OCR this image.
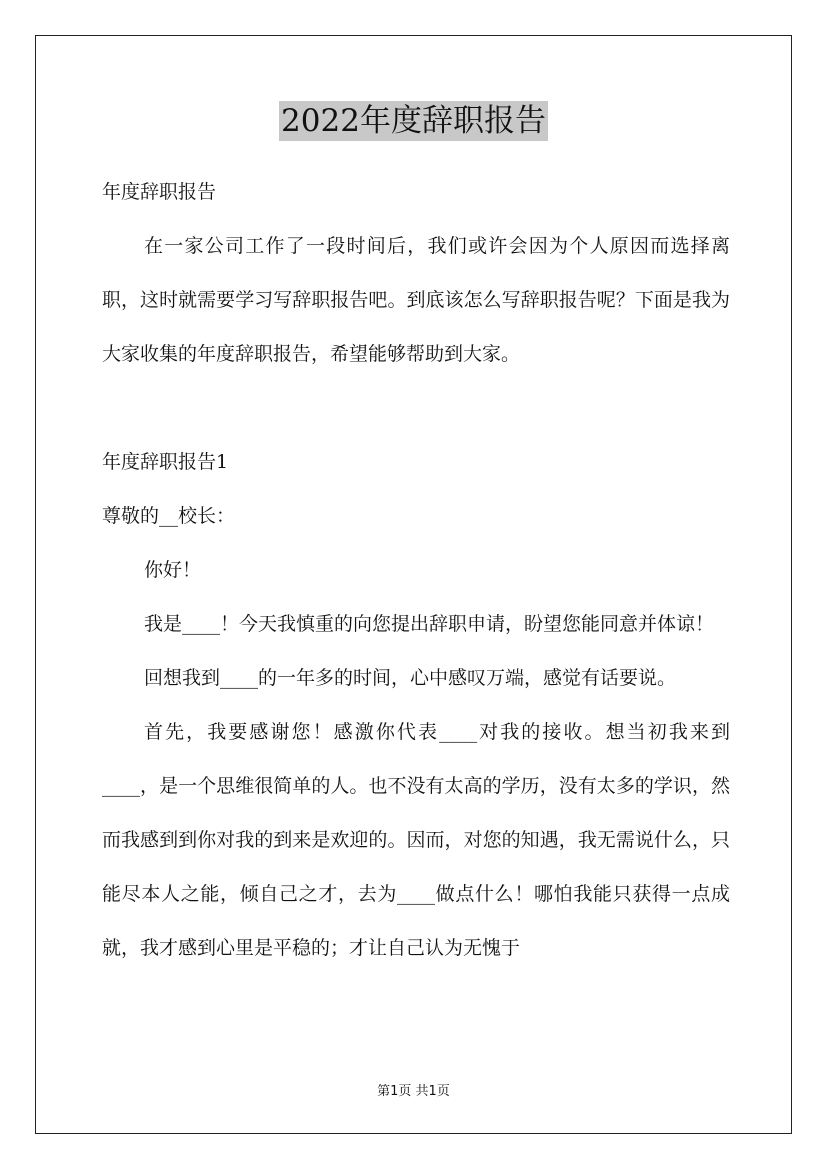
2022年度辞职报告

年度辞职报告

在一家公司工作了一段时间后，我们或许会因为个人原因而选择离职，这时就需要学习写辞职报告吧。到底该怎么写辞职报告呢？下面是我为大家收集的年度辞职报告，希望能够帮助到大家。

年度辞职报告1

尊敬的__校长：

你好！

我是____！今天我慎重的向您提出辞职申请，盼望您能同意并体谅！

回想我到____的一年多的时间，心中感叹万端，感觉有话要说。

首先，我要感谢您！感激你代表____对我的接收。想当初我来到____，是一个思维很简单的人。也不没有太高的学历，没有太多的学识，然而我感到到你对我的到来是欢迎的。因而，对您的知遇，我无需说什么，只能尽本人之能，倾自己之才，去为____做点什么！哪怕我能只获得一点成就，我才感到心里是平稳的；才让自己认为无愧于

第1页 共1页
